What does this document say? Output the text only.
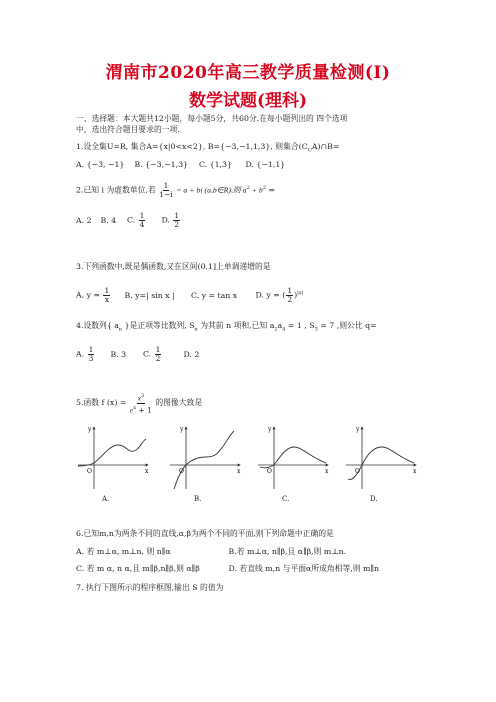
渭南市2020年高三教学质量检测(Ⅰ)
数学试题(理科)
一、选择题：本大题共12小题，每小题5分，共60分.在每小题列出的 四个选项
中，选出符合题目要求的一项.
1.设全集U=R, 集合A={x|0<x<2}, B={−3,−1,1,3}, 则集合$(C_UA)\cap B=$
A. {−3, −1} B. {−3,−1,3} C. {1,3} D. {−1,1}
2.已知 i 为虚数单位,若 $\frac{1}{1-i} = a$ + bi (a,b∈R),则 $a^2 + b^2$ =
A. 2 B. 4 C. $\frac{1}{4} D$. $\frac{1}{2}$
3.下列函数中,既是偶函数,又在区间(0,1]上单调递增的是
A. $y = \frac{1}{x} B$. y=| sin x | C. y = tan x D. y = ( $\frac{1}{2} )^{|x|}$
4.设数列{ $a_n$ }是正项等比数列, $S_n$ 为其前 n 项和,已知 $a_2a_4 = 1$ , $S_3 = 7$ ,则公比 q=
A. $\frac{1}{3} B$. 3 C. $\frac{1}{2}$	D. 2
5.函数 f $(x) = \frac{x^3}{e^x + 1}$ 的图像大致是
y
O	x
y
O	x
y
O	x
y
O	x
A.	B.	C.	D.
6.已知m,n为两条不同的直线,α,β为两个不同的平面,则下列命题中正确的是
A. 若 m⊥α, m⊥n, 则 n∥α	B.若 m⊥α, n∥β,且 α∥β,则 m⊥n.
C. 若 m α, n α,且 m∥β,n∥β,则 α∥β	D. 若直线 m,n 与平面α所成角相等,则 m∥n
7. 执行下图所示的程序框图,输出 S 的值为
